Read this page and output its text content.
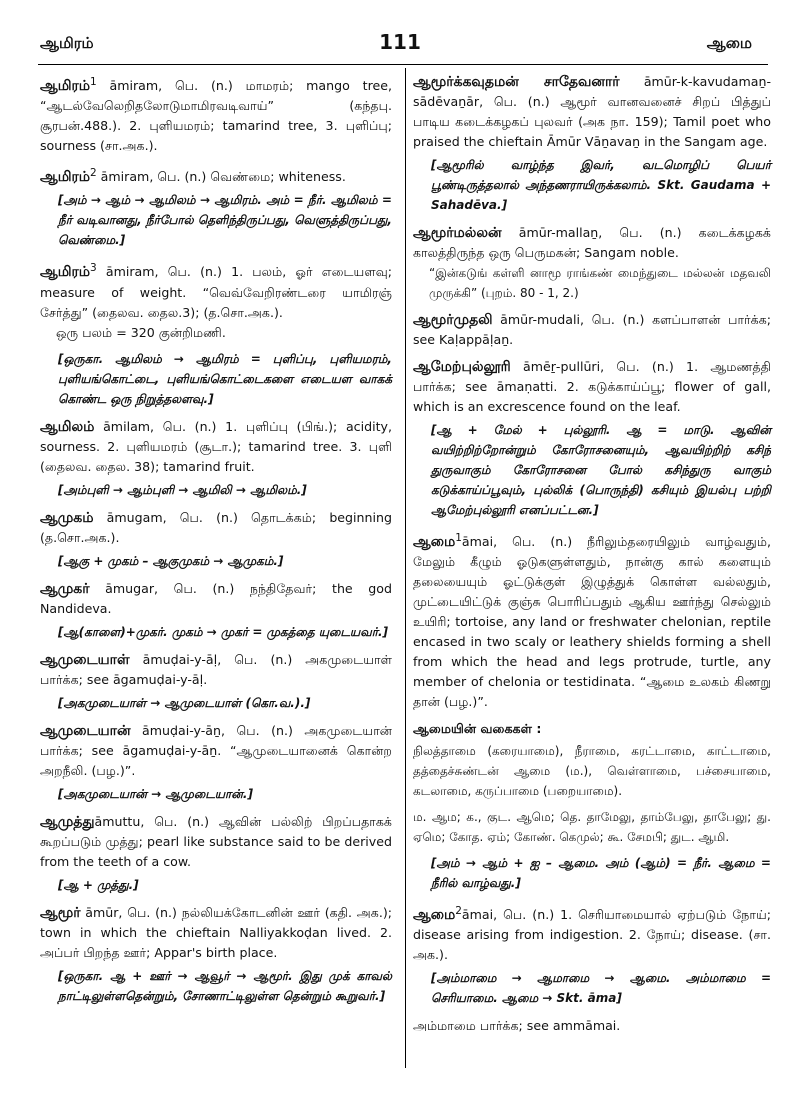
ஆமிரம்	111	ஆமை
ஆமிரம்$^1$ āmiram, பெ. (n.) மாமரம்; mango tree, “ஆடல்வேலெறிதலோடுமாமிரவடிவாய்” (கந்தபு. சூரபன்.488.). 2. புளியமரம்; tamarind tree, 3. புளிப்பு; sourness (சா.அக.).
ஆமிரம்$^2$ āmiram, பெ. (n.) வெண்மை; whiteness.
[அம் → ஆம் → ஆமிலம் → ஆமிரம். அம் = நீர். ஆமிலம் = நீர் வடிவானது, நீர்போல் தெளிந்திருப்பது, வெளுத்திருப்பது, வெண்மை.]
ஆமிரம்$^3$ āmiram, பெ. (n.) 1. பலம், ஓர் எடையளவு; measure of weight. “வெவ்வேறிரண்டரை யாமிரஞ் சேர்த்து” (தைலவ. தைல.3); (த.சொ.அக.).
ஒரு பலம் = 320 குன்றிமணி.
[ஒருகா. ஆமிலம் → ஆமிரம் = புளிப்பு, புளியமரம், புளியங்கொட்டை, புளியங்கொட்டைகளை எடையள வாகக் கொண்ட ஒரு நிறுத்தலளவு.]
ஆமிலம் āmilam, பெ. (n.) 1. புளிப்பு (பிங்.); acidity, sourness. 2. புளியமரம் (சூடா.); tamarind tree. 3. புளி (தைலவ. தைல. 38); tamarind fruit.
[அம்புளி → ஆம்புளி → ஆமிலி → ஆமிலம்.]
ஆமுகம் āmugam, பெ. (n.) தொடக்கம்; beginning (த.சொ.அக.).
[ஆகு + முகம் – ஆகுமுகம் → ஆமுகம்.]
ஆமுகர் āmugar, பெ. (n.) நந்திதேவர்; the god Nandideva.
[ஆ(காளை)+முகர். முகம் → முகர் = முகத்தை யுடையவர்.]
ஆமுடையாள் āmuḍai-y-āḷ, பெ. (n.) அகமுடையாள் பார்க்க; see āgamuḍai-y-āḷ.
[அகமுடையாள் → ஆமுடையாள் (கொ.வ.).]
ஆமுடையான் āmuḍai-y-āṉ, பெ. (n.) அகமுடையான் பார்க்க; see āgamuḍai-y-āṉ. “ஆமுடையானைக் கொன்ற அறநீலி. (பழ.)”.
[அகமுடையான் → ஆமுடையான்.]
ஆமுத்துāmuttu, பெ. (n.) ஆவின் பல்லிற் பிறப்பதாகக் கூறப்படும் முத்து; pearl like substance said to be derived from the teeth of a cow.
[ஆ + முத்து.]
ஆமூர் āmūr, பெ. (n.) நல்லியக்கோடனின் ஊர் (கதி. அக.); town in which the chieftain Nalliyakkoḍan lived. 2. அப்பர் பிறந்த ஊர்; Appar's birth place.
[ஒருகா. ஆ + ஊர் → ஆவூர் → ஆமூர். இது முக் காவல் நாட்டிலுள்ளதென்றும், சோணாட்டிலுள்ள தென்றும் கூறுவர்.]
ஆமூர்க்கவுதமன் சாதேவனார் āmūr-k-kavudamaṉ-sādēvaṉār, பெ. (n.) ஆமூர் வானவனைச் சிறப் பித்துப் பாடிய கடைக்கழகப் புலவர் (அக நா. 159); Tamil poet who praised the chieftain Āmūr Vāṉavaṉ in the Sangam age.
[ஆமூரில் வாழ்ந்த இவர், வடமொழிப் பெயர் பூண்டிருத்தலால் அந்தணராயிருக்கலாம். Skt. Gaudama + Sahadēva.]
ஆமூர்மல்லன் āmūr-mallaṉ, பெ. (n.) கடைக்கழகக் காலத்திருந்த ஒரு பெருமகன்; Sangam noble.
“இன்கடுங் கள்ளி னாமூ ராங்கண் மைந்துடை மல்லன் மதவலி முருக்கி” (புறம். 80 - 1, 2.)
ஆமூர்முதலி āmūr-mudali, பெ. (n.) களப்பாளன் பார்க்க; see Kaḷappāḷaṉ.
ஆமேற்புல்லூரி āmēṟ-pullūri, பெ. (n.) 1. ஆமணத்தி பார்க்க; see āmaṇatti. 2. கடுக்காய்ப்பூ; flower of gall, which is an excrescence found on the leaf.
[ஆ + மேல் + புல்லூரி. ஆ = மாடு. ஆவின் வயிற்றிற்றோன்றும் கோரோசனையும், ஆவயிற்றிற் கசிந் துருவாகும் கோரோசனை போல் கசிந்துரு வாகும் கடுக்காய்ப்பூவும், புல்லிக் (பொருந்தி) கசியும் இயல்பு பற்றி ஆமேற்புல்லூரி எனப்பட்டன.]
ஆமை$^1$āmai, பெ. (n.) நீரிலும்தரையிலும் வாழ்வதும், மேலும் கீழும் ஓடுகளுள்ளதும், நான்கு கால் களையும் தலையையும் ஓட்டுக்குள் இழுத்துக் கொள்ள வல்லதும், முட்டையிட்டுக் குஞ்சு பொரிப்பதும் ஆகிய ஊர்ந்து செல்லும் உயிரி; tortoise, any land or freshwater chelonian, reptile encased in two scaly or leathery shields forming a shell from which the head and legs protrude, turtle, any member of chelonia or testidinata. “ஆமை உலகம் கிணறு தான் (பழ.)”.
ஆமையின் வகைகள் :
நிலத்தாமை (கரையாமை), நீராமை, கரட்டாமை, காட்டாமை, தத்தைச்சுண்டன் ஆமை (ம.), வெள்ளாமை, பச்சையாமை, கடலாமை, கருப்பாமை (பறையாமை).
ம. ஆம; க., குட. ஆமெ; தெ. தாமேலு, தாம்பேலு, தாபேலு; து. ஏமெ; கோத. ஏம்; கோண். கெமுல்; கூ. சேமபி; துட. ஆமி.
[அம் → ஆம் + ஐ – ஆமை. அம் (ஆம்) = நீர். ஆமை = நீரில் வாழ்வது.]
ஆமை$^2$āmai, பெ. (n.) 1. செரியாமையால் ஏற்படும் நோய்; disease arising from indigestion. 2. நோய்; disease. (சா. அக.).
[அம்மாமை → ஆமாமை → ஆமை. அம்மாமை = செரியாமை. ஆமை → Skt. āma]
அம்மாமை பார்க்க; see ammāmai.
